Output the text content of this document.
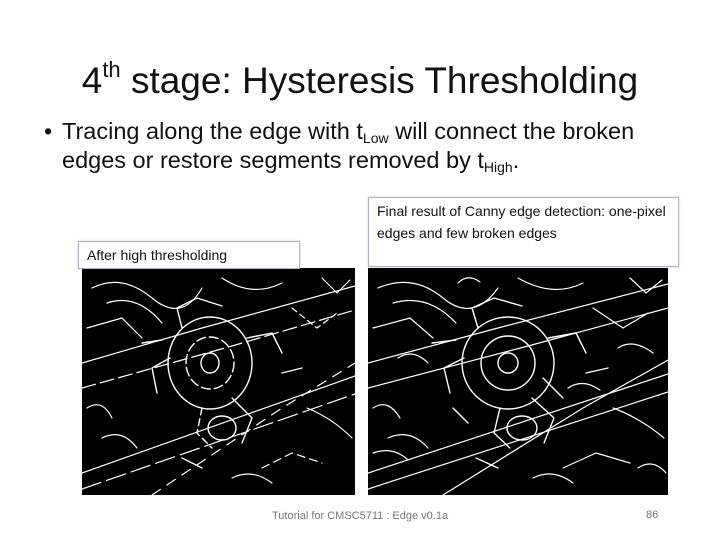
4th stage: Hysteresis Thresholding
• Tracing along the edge with $t_{Low}$ will connect the broken edges or restore segments removed by $t_{High}$.
After high thresholding
Final result of Canny edge detection: one-pixel edges and few broken edges
Tutorial for CMSC5711 : Edge v0.1a	86
